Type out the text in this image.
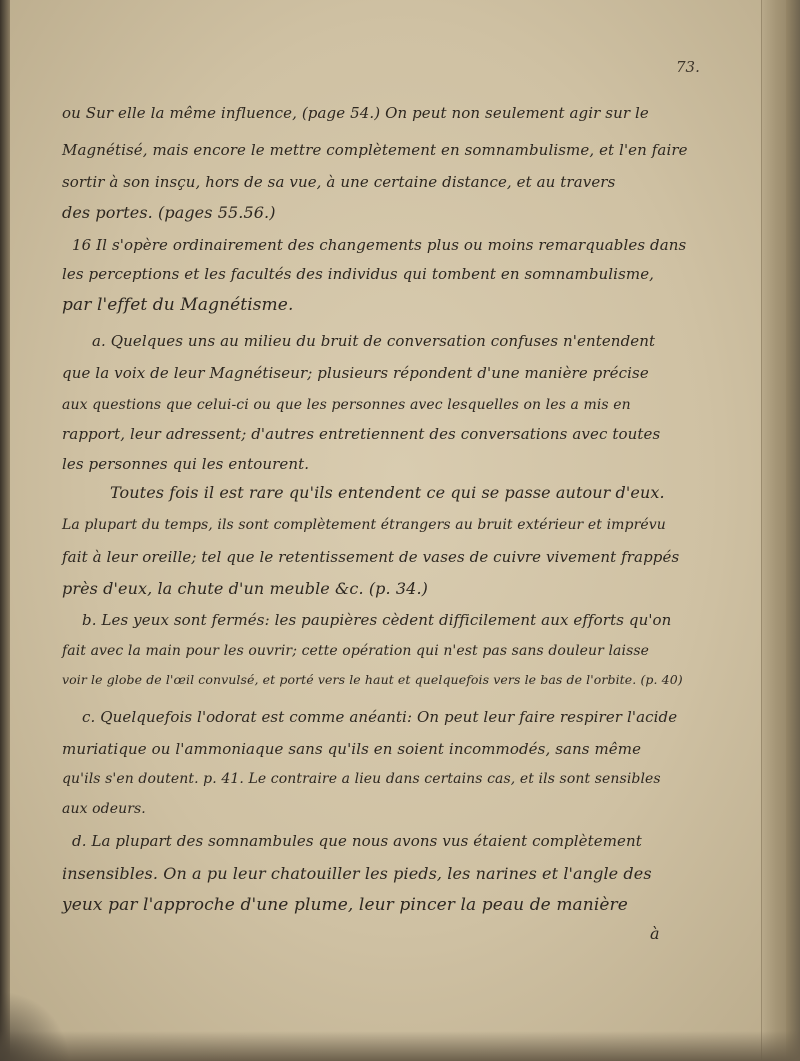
73.
ou Sur elle la même influence, (page 54.) On peut non seulement agir sur le
Magnétisé, mais encore le mettre complètement en somnambulisme, et l'en faire
sortir à son insçu, hors de sa vue, à une certaine distance, et au travers
des portes. (pages 55.56.)
16 Il s'opère ordinairement des changements plus ou moins remarquables dans
les perceptions et les facultés des individus qui tombent en somnambulisme,
par l'effet du Magnétisme.
a. Quelques uns au milieu du bruit de conversation confuses n'entendent
que la voix de leur Magnétiseur; plusieurs répondent d'une manière précise
aux questions que celui-ci ou que les personnes avec lesquelles on les a mis en
rapport, leur adressent; d'autres entretiennent des conversations avec toutes
les personnes qui les entourent.
Toutes fois il est rare qu'ils entendent ce qui se passe autour d'eux.
La plupart du temps, ils sont complètement étrangers au bruit extérieur et imprévu
fait à leur oreille; tel que le retentissement de vases de cuivre vivement frappés
près d'eux, la chute d'un meuble &c. (p. 34.)
b. Les yeux sont fermés: les paupières cèdent difficilement aux efforts qu'on
fait avec la main pour les ouvrir; cette opération qui n'est pas sans douleur laisse
voir le globe de l'œil convulsé, et porté vers le haut et quelquefois vers le bas de l'orbite. (p. 40)
c. Quelquefois l'odorat est comme anéanti: On peut leur faire respirer l'acide
muriatique ou l'ammoniaque sans qu'ils en soient incommodés, sans même
qu'ils s'en doutent. p. 41. Le contraire a lieu dans certains cas, et ils sont sensibles
aux odeurs.
d. La plupart des somnambules que nous avons vus étaient complètement
insensibles. On a pu leur chatouiller les pieds, les narines et l'angle des
yeux par l'approche d'une plume, leur pincer la peau de manière
à
